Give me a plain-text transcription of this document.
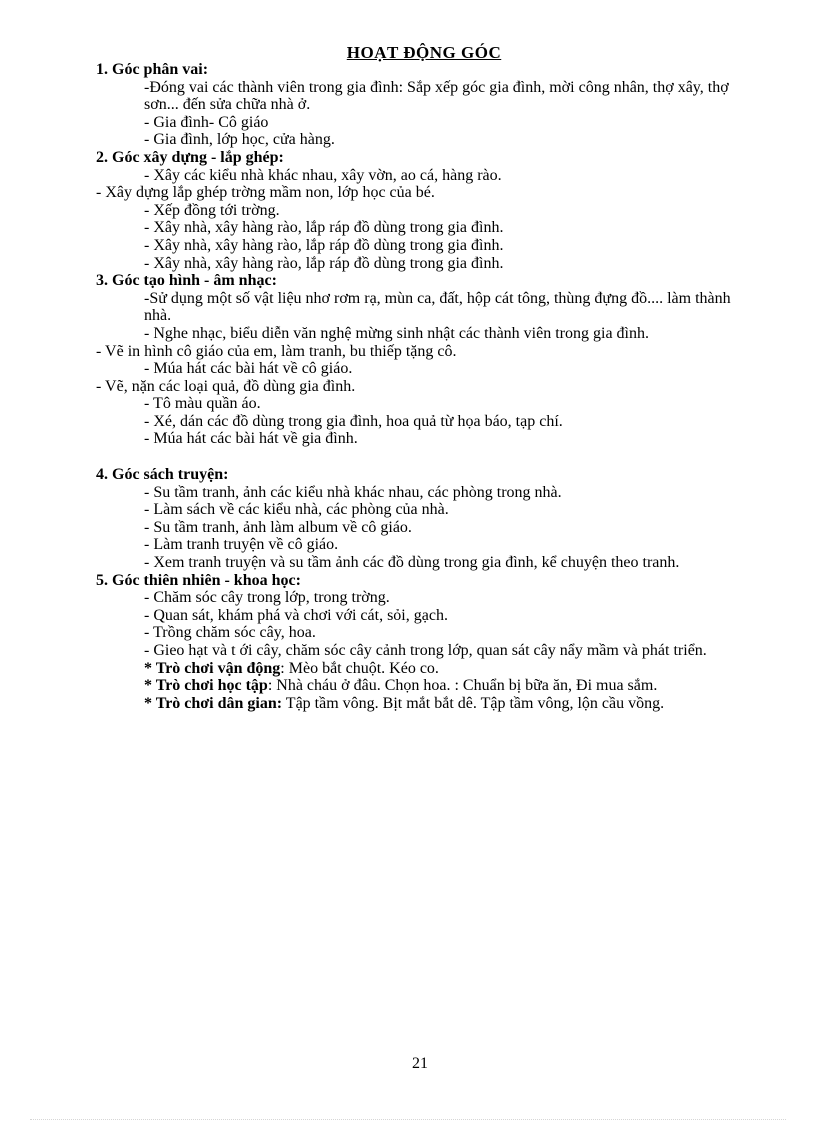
HOẠT ĐỘNG GÓC
1. Góc phân vai:
-Đóng vai các thành viên trong gia đình: Sắp xếp góc gia đình, mời công nhân, thợ xây, thợ sơn... đến sửa chữa nhà ở.
- Gia đình- Cô giáo
- Gia đình, lớp học, cửa hàng.
2. Góc xây dựng - lắp ghép:
- Xây các kiểu nhà khác nhau, xây vờn, ao cá, hàng rào.
- Xây dựng lắp ghép trờng mầm non, lớp học của bé.
- Xếp đồng tới trờng.
- Xây nhà, xây hàng rào, lắp ráp đồ dùng trong gia đình.
- Xây nhà, xây hàng rào, lắp ráp đồ dùng trong gia đình.
- Xây nhà, xây hàng rào, lắp ráp đồ dùng trong gia đình.
3. Góc tạo hình - âm nhạc:
-Sử dụng một số vật liệu nhơ rơm rạ, mùn ca, đất, hộp cát tông, thùng đựng đồ.... làm thành nhà.
- Nghe nhạc, biểu diễn văn nghệ mừng sinh nhật các thành viên trong gia đình.
- Vẽ in hình cô giáo của em, làm tranh, bu thiếp tặng cô.
- Múa hát các bài hát về cô giáo.
- Vẽ, nặn các loại quả, đồ dùng gia đình.
- Tô màu quần áo.
- Xé, dán các đồ dùng trong gia đình, hoa quả từ họa báo, tạp chí.
- Múa hát các bài hát về gia đình.
4. Góc sách truyện:
- Su tầm tranh, ảnh các kiểu nhà khác nhau, các phòng trong nhà.
- Làm sách về các kiểu nhà, các phòng của nhà.
- Su tầm tranh, ảnh làm album về cô giáo.
- Làm tranh truyện về cô giáo.
- Xem tranh truyện và su tầm ảnh các đồ dùng trong gia đình, kể chuyện theo tranh.
5. Góc thiên nhiên - khoa học:
- Chăm sóc cây trong lớp, trong trờng.
- Quan sát, khám phá và chơi với cát, sỏi, gạch.
- Trồng chăm sóc cây, hoa.
- Gieo hạt và t ới cây, chăm sóc cây cảnh trong lớp, quan sát cây nẩy mầm và phát triển.
* Trò chơi vận động: Mèo bắt chuột. Kéo co.
* Trò chơi học tập: Nhà cháu ở đâu. Chọn hoa. : Chuẩn bị bữa ăn, Đi mua sắm.
* Trò chơi dân gian: Tập tầm vông. Bịt mắt bắt dê. Tập tầm vông, lộn cầu vồng.
21
